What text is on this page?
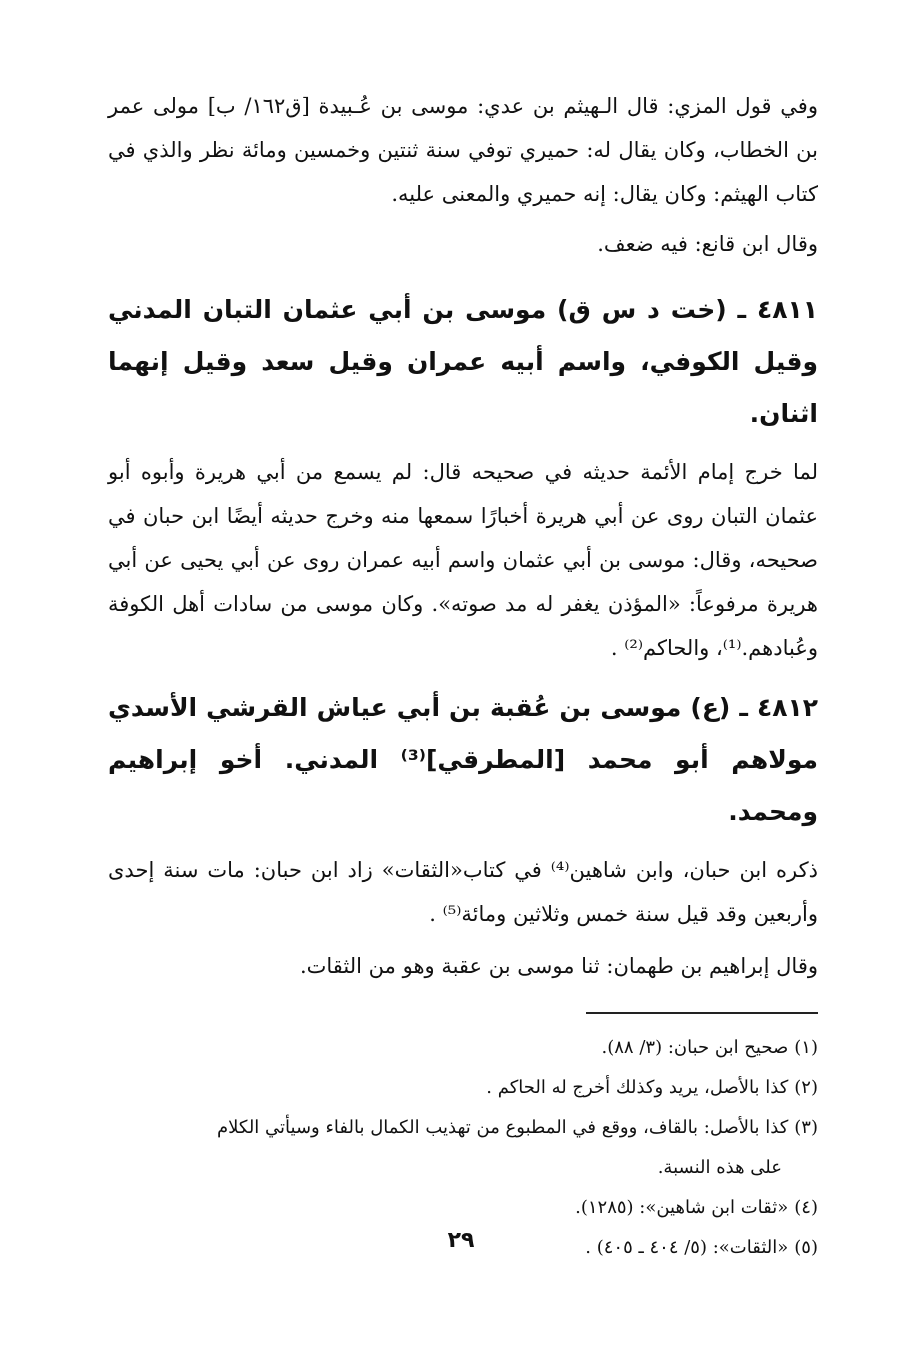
وفي قول المزي: قال الـهيثم بن عدي: موسى بن عُـبيدة [ق١٦٢/ ب] مولى عمر بن الخطاب، وكان يقال له: حميري توفي سنة ثنتين وخمسين ومائة نظر والذي في كتاب الهيثم: وكان يقال: إنه حميري والمعنى عليه.

وقال ابن قانع: فيه ضعف.

٤٨١١ ـ (خت د س ق) موسى بن أبي عثمان التبان المدني وقيل الكوفي، واسم أبيه عمران وقيل سعد وقيل إنهما اثنان.

لما خرج إمام الأئمة حديثه في صحيحه قال: لم يسمع من أبي هريرة وأبوه أبو عثمان التبان روى عن أبي هريرة أخبارًا سمعها منه وخرج حديثه أيضًا ابن حبان في صحيحه، وقال: موسى بن أبي عثمان واسم أبيه عمران روى عن أبي يحيى عن أبي هريرة مرفوعاً: «المؤذن يغفر له مد صوته». وكان موسى من سادات أهل الكوفة وعُبادهم.⁽¹⁾، والحاكم⁽²⁾ .

٤٨١٢ ـ (ع) موسى بن عُقبة بن أبي عياش القرشي الأسدي مولاهم أبو محمد [المطرقي]⁽³⁾ المدني. أخو إبراهيم ومحمد.

ذكره ابن حبان، وابن شاهين⁽⁴⁾ في كتاب«الثقات» زاد ابن حبان: مات سنة إحدى وأربعين وقد قيل سنة خمس وثلاثين ومائة⁽⁵⁾ .

وقال إبراهيم بن طهمان: ثنا موسى بن عقبة وهو من الثقات.

(١)صحيح ابن حبان: (٣/ ٨٨).

(٢)كذا بالأصل، يريد وكذلك أخرج له الحاكم .

(٣)كذا بالأصل: بالقاف، ووقع في المطبوع من تهذيب الكمال بالفاء وسيأتي الكلام
على هذه النسبة.

(٤)«ثقات ابن شاهين»: (١٢٨٥).

(٥)«الثقات»: (٥/ ٤٠٤ ـ ٤٠٥) .

٢٩
